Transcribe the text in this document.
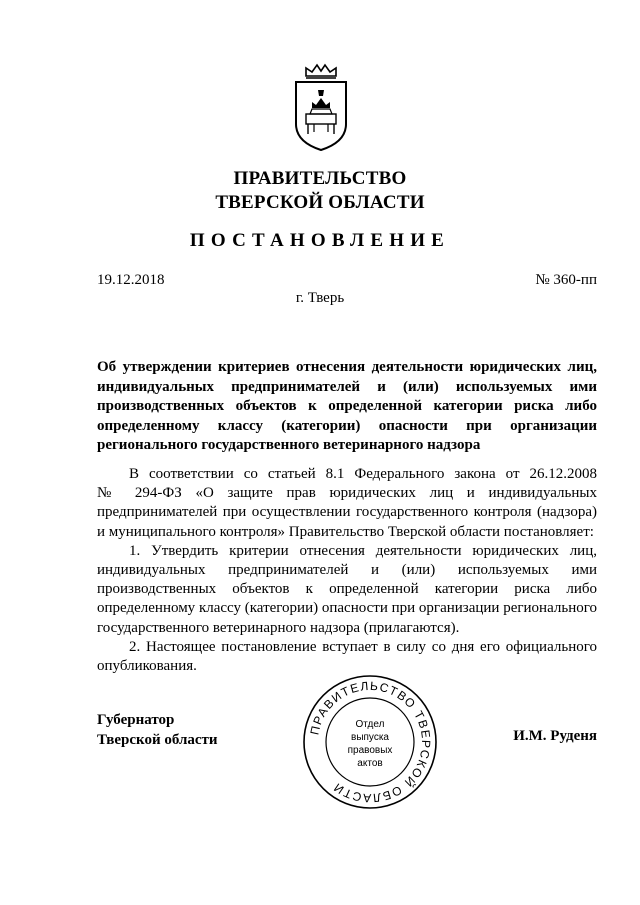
ПРАВИТЕЛЬСТВО
ТВЕРСКОЙ ОБЛАСТИ
ПОСТАНОВЛЕНИЕ
19.12.2018	№ 360-пп
г. Тверь
Об утверждении критериев отнесения деятельности юридических лиц,
индивидуальных предпринимателей и (или) используемых ими
производственных объектов к определенной категории риска либо
определенному классу (категории) опасности при организации
регионального государственного ветеринарного надзора
В соответствии со статьей 8.1 Федерального закона от 26.12.2008
№ 294-ФЗ «О защите прав юридических лиц и индивидуальных
предпринимателей при осуществлении государственного контроля (надзора)
и муниципального контроля» Правительство Тверской области постановляет:
1. Утвердить критерии отнесения деятельности юридических лиц,
индивидуальных предпринимателей и (или) используемых ими
производственных объектов к определенной категории риска либо
определенному классу (категории) опасности при организации регионального
государственного ветеринарного надзора (прилагаются).
2. Настоящее постановление вступает в силу со дня его официального
опубликования.
Губернатор
Тверской области	И.М. Руденя
ПРАВИТЕЛЬСТВО ТВЕРСКОЙ ОБЛАСТИ
Отдел
выпуска
правовых
актов
